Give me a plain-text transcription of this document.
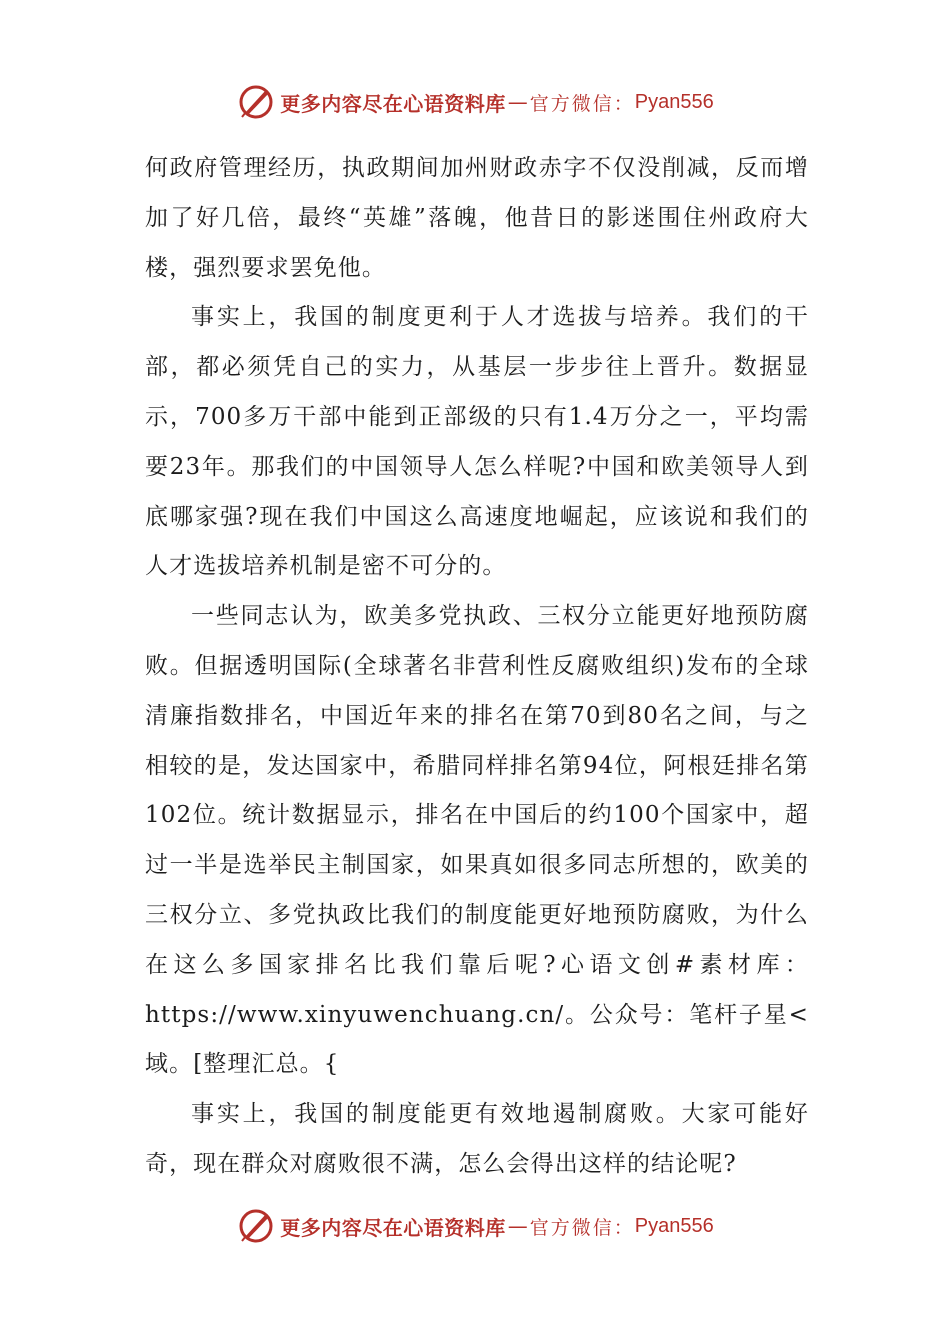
更多内容尽在心语资料库 — 官方微信： Pyan556

何政府管理经历，执政期间加州财政赤字不仅没削减，反而增加了好几倍，最终“英雄”落魄，他昔日的影迷围住州政府大楼，强烈要求罢免他。

事实上，我国的制度更利于人才选拔与培养。我们的干部，都必须凭自己的实力，从基层一步步往上晋升。数据显示，700多万干部中能到正部级的只有1.4万分之一，平均需要23年。那我们的中国领导人怎么样呢?中国和欧美领导人到底哪家强?现在我们中国这么高速度地崛起，应该说和我们的人才选拔培养机制是密不可分的。

一些同志认为，欧美多党执政、三权分立能更好地预防腐败。但据透明国际(全球著名非营利性反腐败组织)发布的全球清廉指数排名，中国近年来的排名在第70到80名之间，与之相较的是，发达国家中，希腊同样排名第94位，阿根廷排名第102位。统计数据显示，排名在中国后的约100个国家中，超过一半是选举民主制国家，如果真如很多同志所想的，欧美的三权分立、多党执政比我们的制度能更好地预防腐败，为什么在这么多国家排名比我们靠后呢?心语文创#素材库：https://www.xinyuwenchuang.cn/。公众号：笔杆子星<域。[整理汇总。{

事实上，我国的制度能更有效地遏制腐败。大家可能好奇，现在群众对腐败很不满，怎么会得出这样的结论呢?

更多内容尽在心语资料库 — 官方微信： Pyan556
